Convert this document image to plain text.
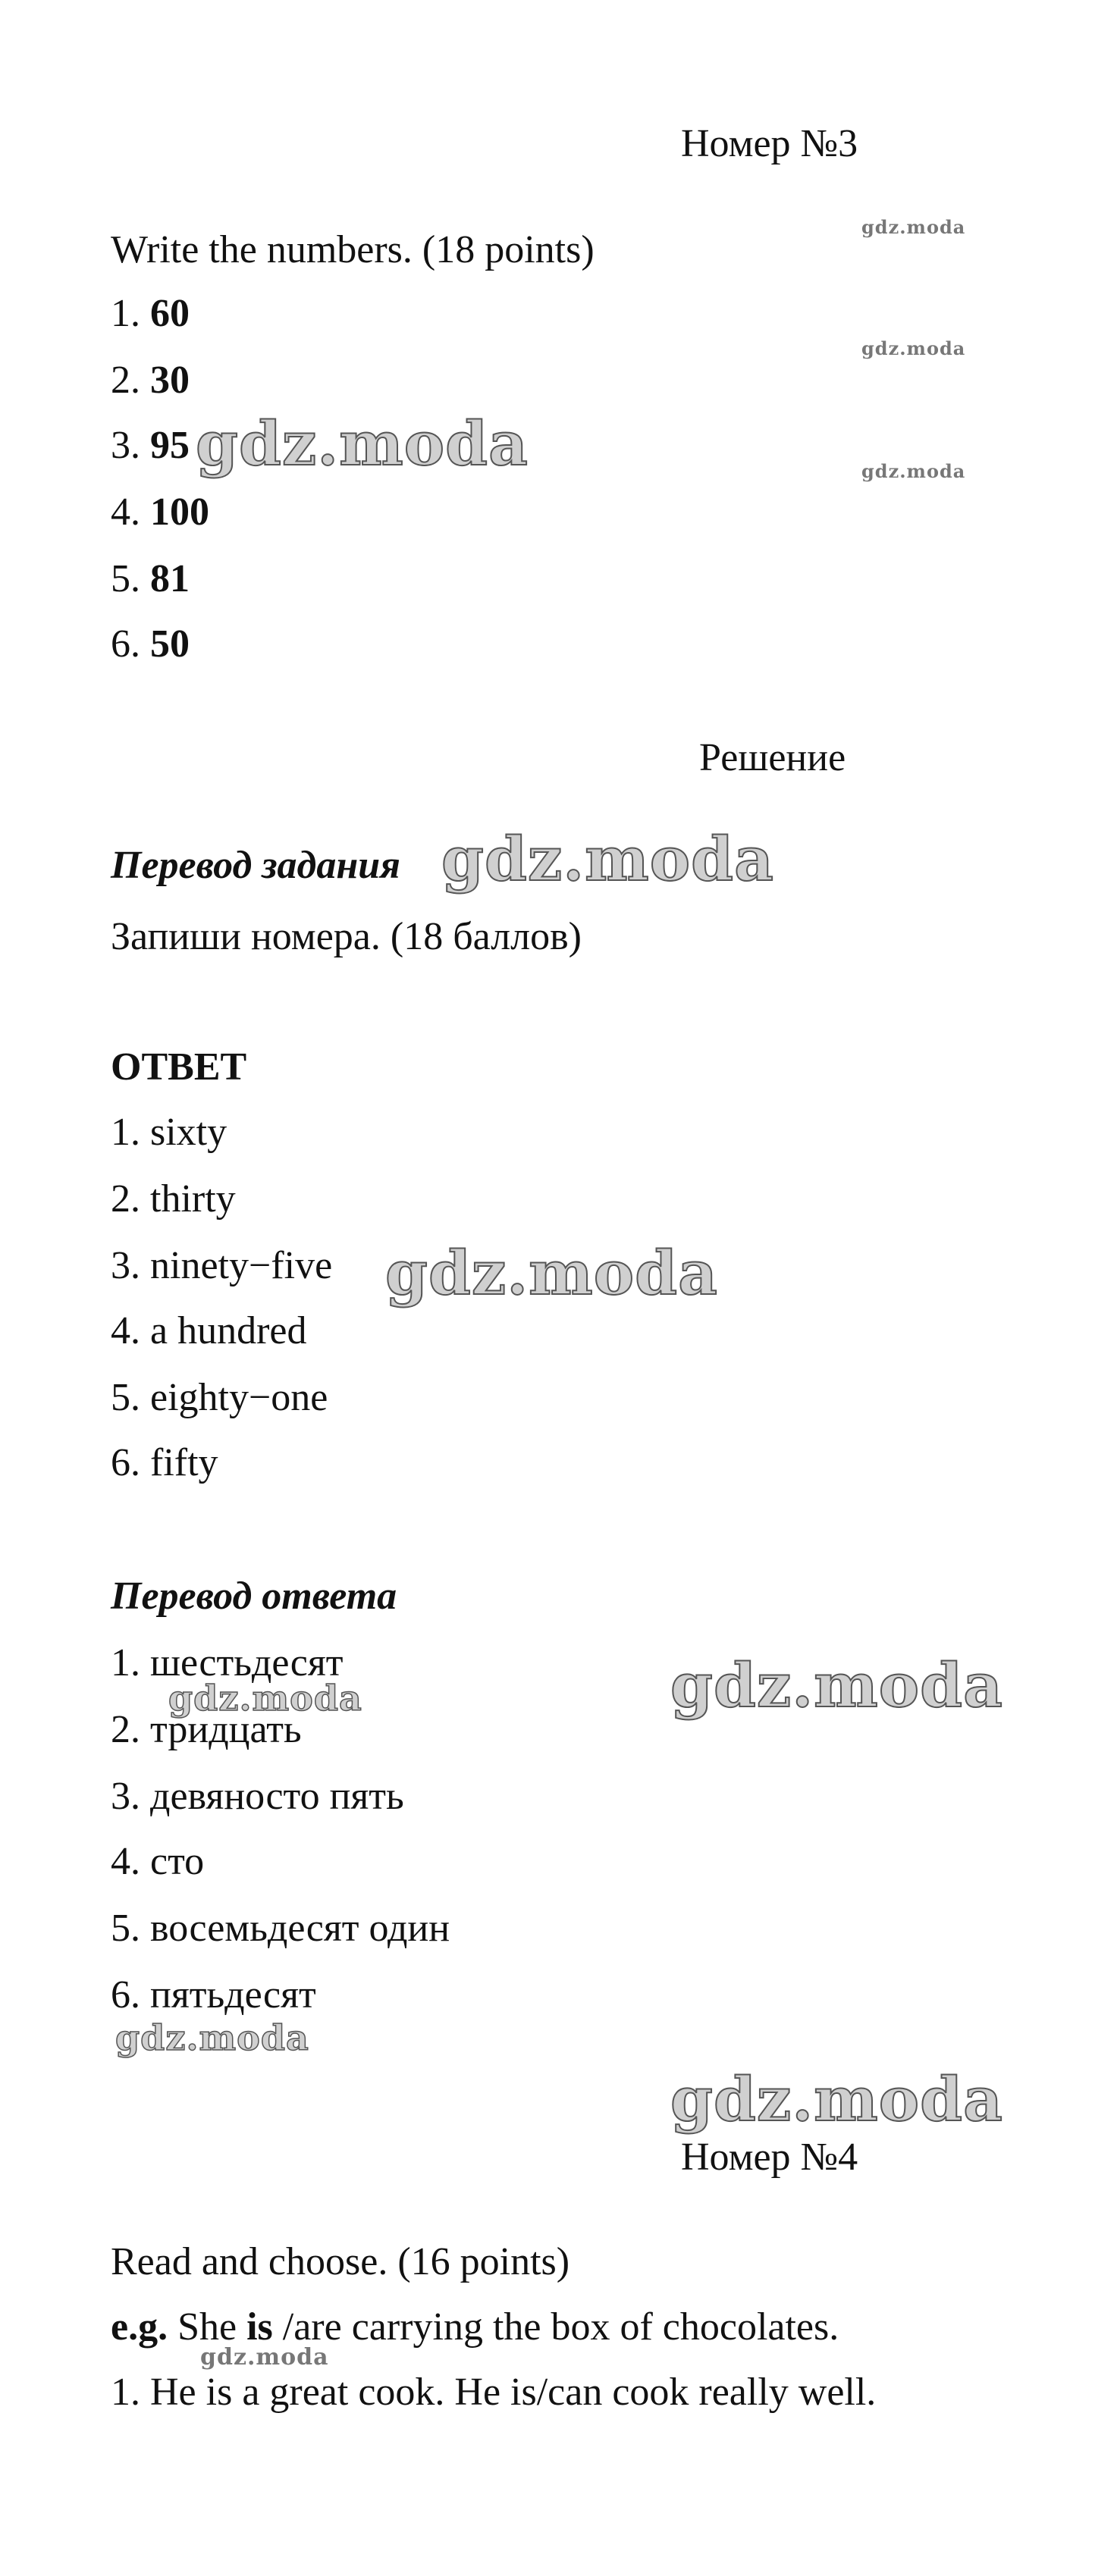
Номер №3
Write the numbers. (18 points)
1. 60
2. 30
3. 95
4. 100
5. 81
6. 50
Решение
Перевод задания
Запиши номера. (18 баллов)
ОТВЕТ
1. sixty
2. thirty
3. ninety−five
4. a hundred
5. eighty−one
6. fifty
Перевод ответа
1. шестьдесят
2. тридцать
3. девяносто пять
4. сто
5. восемьдесят один
6. пятьдесят
Номер №4
Read and choose. (16 points)
e.g. She is /are carrying the box of chocolates.
1. He is a great cook. He is/can cook really well.
gdz.moda
gdz.moda
gdz.moda
gdz.moda
gdz.moda
gdz.moda
gdz.moda
gdz.moda
gdz.moda
gdz.moda
gdz.moda
